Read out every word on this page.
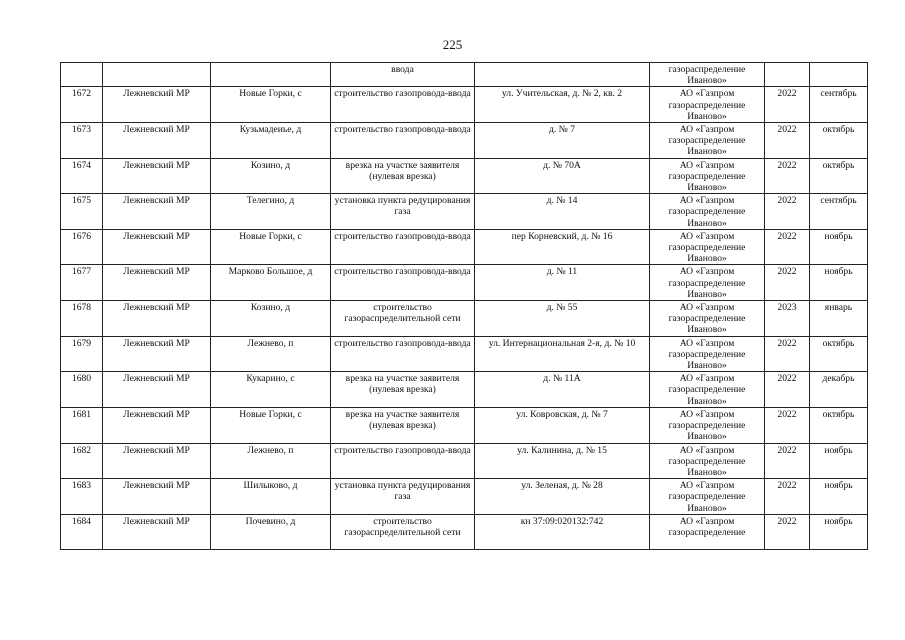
225
			ввода		газораспределение Иваново»		
1672	Лежневский МР	Новые Горки, с	строительство газопровода-ввода	ул. Учительская, д. № 2, кв. 2	АО «Газпром газораспределение Иваново»	2022	сентябрь
1673	Лежневский МР	Кузьмадеиье, д	строительство газопровода-ввода	д. № 7	АО «Газпром газораспределение Иваново»	2022	октябрь
1674	Лежневский МР	Козино, д	врезка на участке заявителя (нулевая врезка)	д. № 70А	АО «Газпром газораспределение Иваново»	2022	октябрь
1675	Лежневский МР	Телегино, д	установка пункта редуцирования газа	д. № 14	АО «Газпром газораспределение Иваново»	2022	сентябрь
1676	Лежневский МР	Новые Горки, с	строительство газопровода-ввода	пер Корневский, д. № 16	АО «Газпром газораспределение Иваново»	2022	ноябрь
1677	Лежневский МР	Марково Большое, д	строительство газопровода-ввода	д. № 11	АО «Газпром газораспределение Иваново»	2022	ноябрь
1678	Лежневский МР	Козино, д	строительство газораспределительной сети	д. № 55	АО «Газпром газораспределение Иваново»	2023	январь
1679	Лежневский МР	Лежнево, п	строительство газопровода-ввода	ул. Интернациональная 2-я, д. № 10	АО «Газпром газораспределение Иваново»	2022	октябрь
1680	Лежневский МР	Кукарино, с	врезка на участке заявителя (нулевая врезка)	д. № 11А	АО «Газпром газораспределение Иваново»	2022	декабрь
1681	Лежневский МР	Новые Горки, с	врезка на участке заявителя (нулевая врезка)	ул. Ковровская, д. № 7	АО «Газпром газораспределение Иваново»	2022	октябрь
1682	Лежневский МР	Лежнево, п	строительство газопровода-ввода	ул. Калинина, д. № 15	АО «Газпром газораспределение Иваново»	2022	ноябрь
1683	Лежневский МР	Шилыково, д	установка пункта редуцирования газа	ул. Зеленая, д. № 28	АО «Газпром газораспределение Иваново»	2022	ноябрь
1684	Лежневский МР	Почевино, д	строительство газораспределительной сети	кн 37:09:020132:742	АО «Газпром газораспределение	2022	ноябрь
